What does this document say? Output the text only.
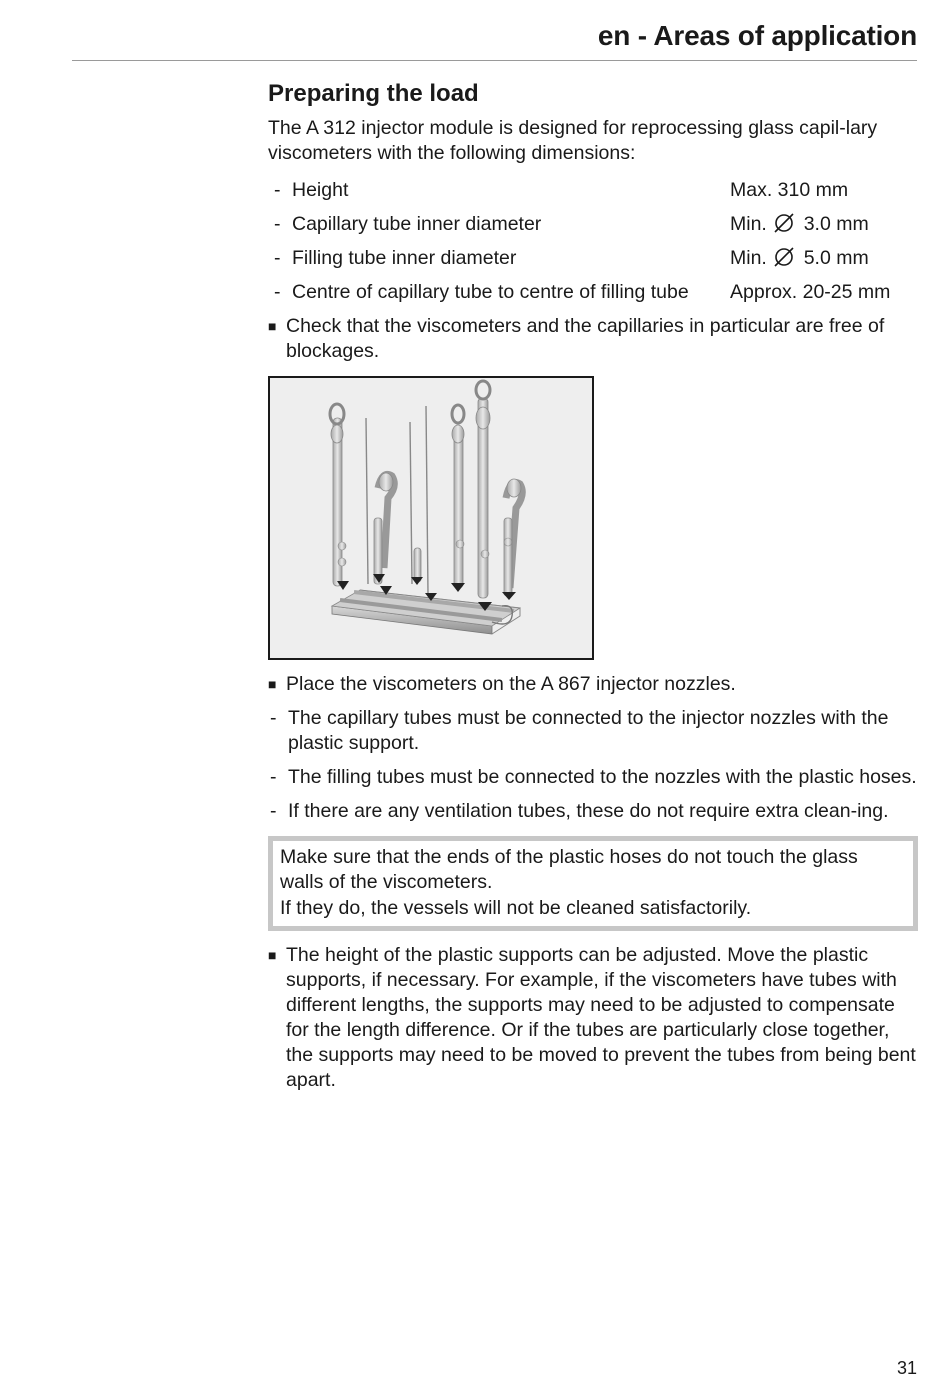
en - Areas of application
Preparing the load

The A 312 injector module is designed for reprocessing glass capil-lary viscometers with the following dimensions:

- Height	Max. 310 mm
- Capillary tube inner diameter	Min. 3.0 mm
- Filling tube inner diameter	Min. 5.0 mm
- Centre of capillary tube to centre of filling tube	Approx. 20-25 mm
■ Check that the viscometers and the capillaries in particular are free of blockages.
■ Place the viscometers on the A 867 injector nozzles.
- The capillary tubes must be connected to the injector nozzles with the plastic support.
- The filling tubes must be connected to the nozzles with the plastic hoses.
- If there are any ventilation tubes, these do not require extra clean-ing.
Make sure that the ends of the plastic hoses do not touch the glass walls of the viscometers.
If they do, the vessels will not be cleaned satisfactorily.
■ The height of the plastic supports can be adjusted. Move the plastic supports, if necessary. For example, if the viscometers have tubes with different lengths, the supports may need to be adjusted to compensate for the length difference. Or if the tubes are particularly close together, the supports may need to be moved to prevent the tubes from being bent apart.
31
